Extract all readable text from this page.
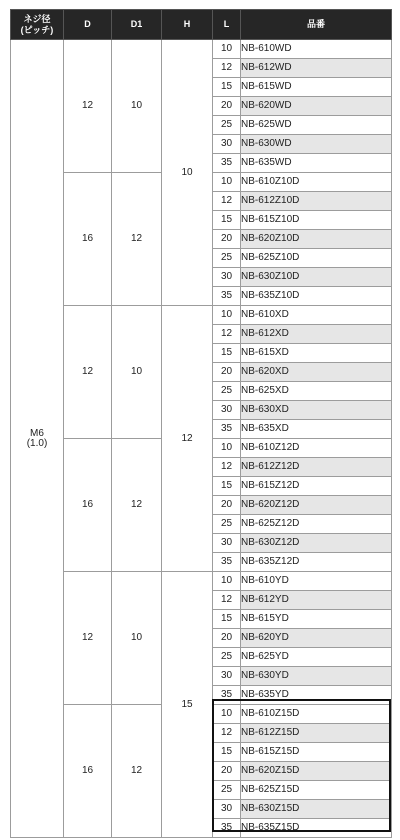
ネジ径
(ピッチ)	D	D1	H	L	品番
M6
(1.0)	12	10	10	10	NB-610WD
				12	NB-612WD
				15	NB-615WD
				20	NB-620WD
				25	NB-625WD
				30	NB-630WD
				35	NB-635WD
	16	12		10	NB-610Z10D
				12	NB-612Z10D
				15	NB-615Z10D
				20	NB-620Z10D
				25	NB-625Z10D
				30	NB-630Z10D
				35	NB-635Z10D
	12	10	12	10	NB-610XD
				12	NB-612XD
				15	NB-615XD
				20	NB-620XD
				25	NB-625XD
				30	NB-630XD
				35	NB-635XD
	16	12		10	NB-610Z12D
				12	NB-612Z12D
				15	NB-615Z12D
				20	NB-620Z12D
				25	NB-625Z12D
				30	NB-630Z12D
				35	NB-635Z12D
	12	10	15	10	NB-610YD
				12	NB-612YD
				15	NB-615YD
				20	NB-620YD
				25	NB-625YD
				30	NB-630YD
				35	NB-635YD
	16	12		10	NB-610Z15D
				12	NB-612Z15D
				15	NB-615Z15D
				20	NB-620Z15D
				25	NB-625Z15D
				30	NB-630Z15D
				35	NB-635Z15D
